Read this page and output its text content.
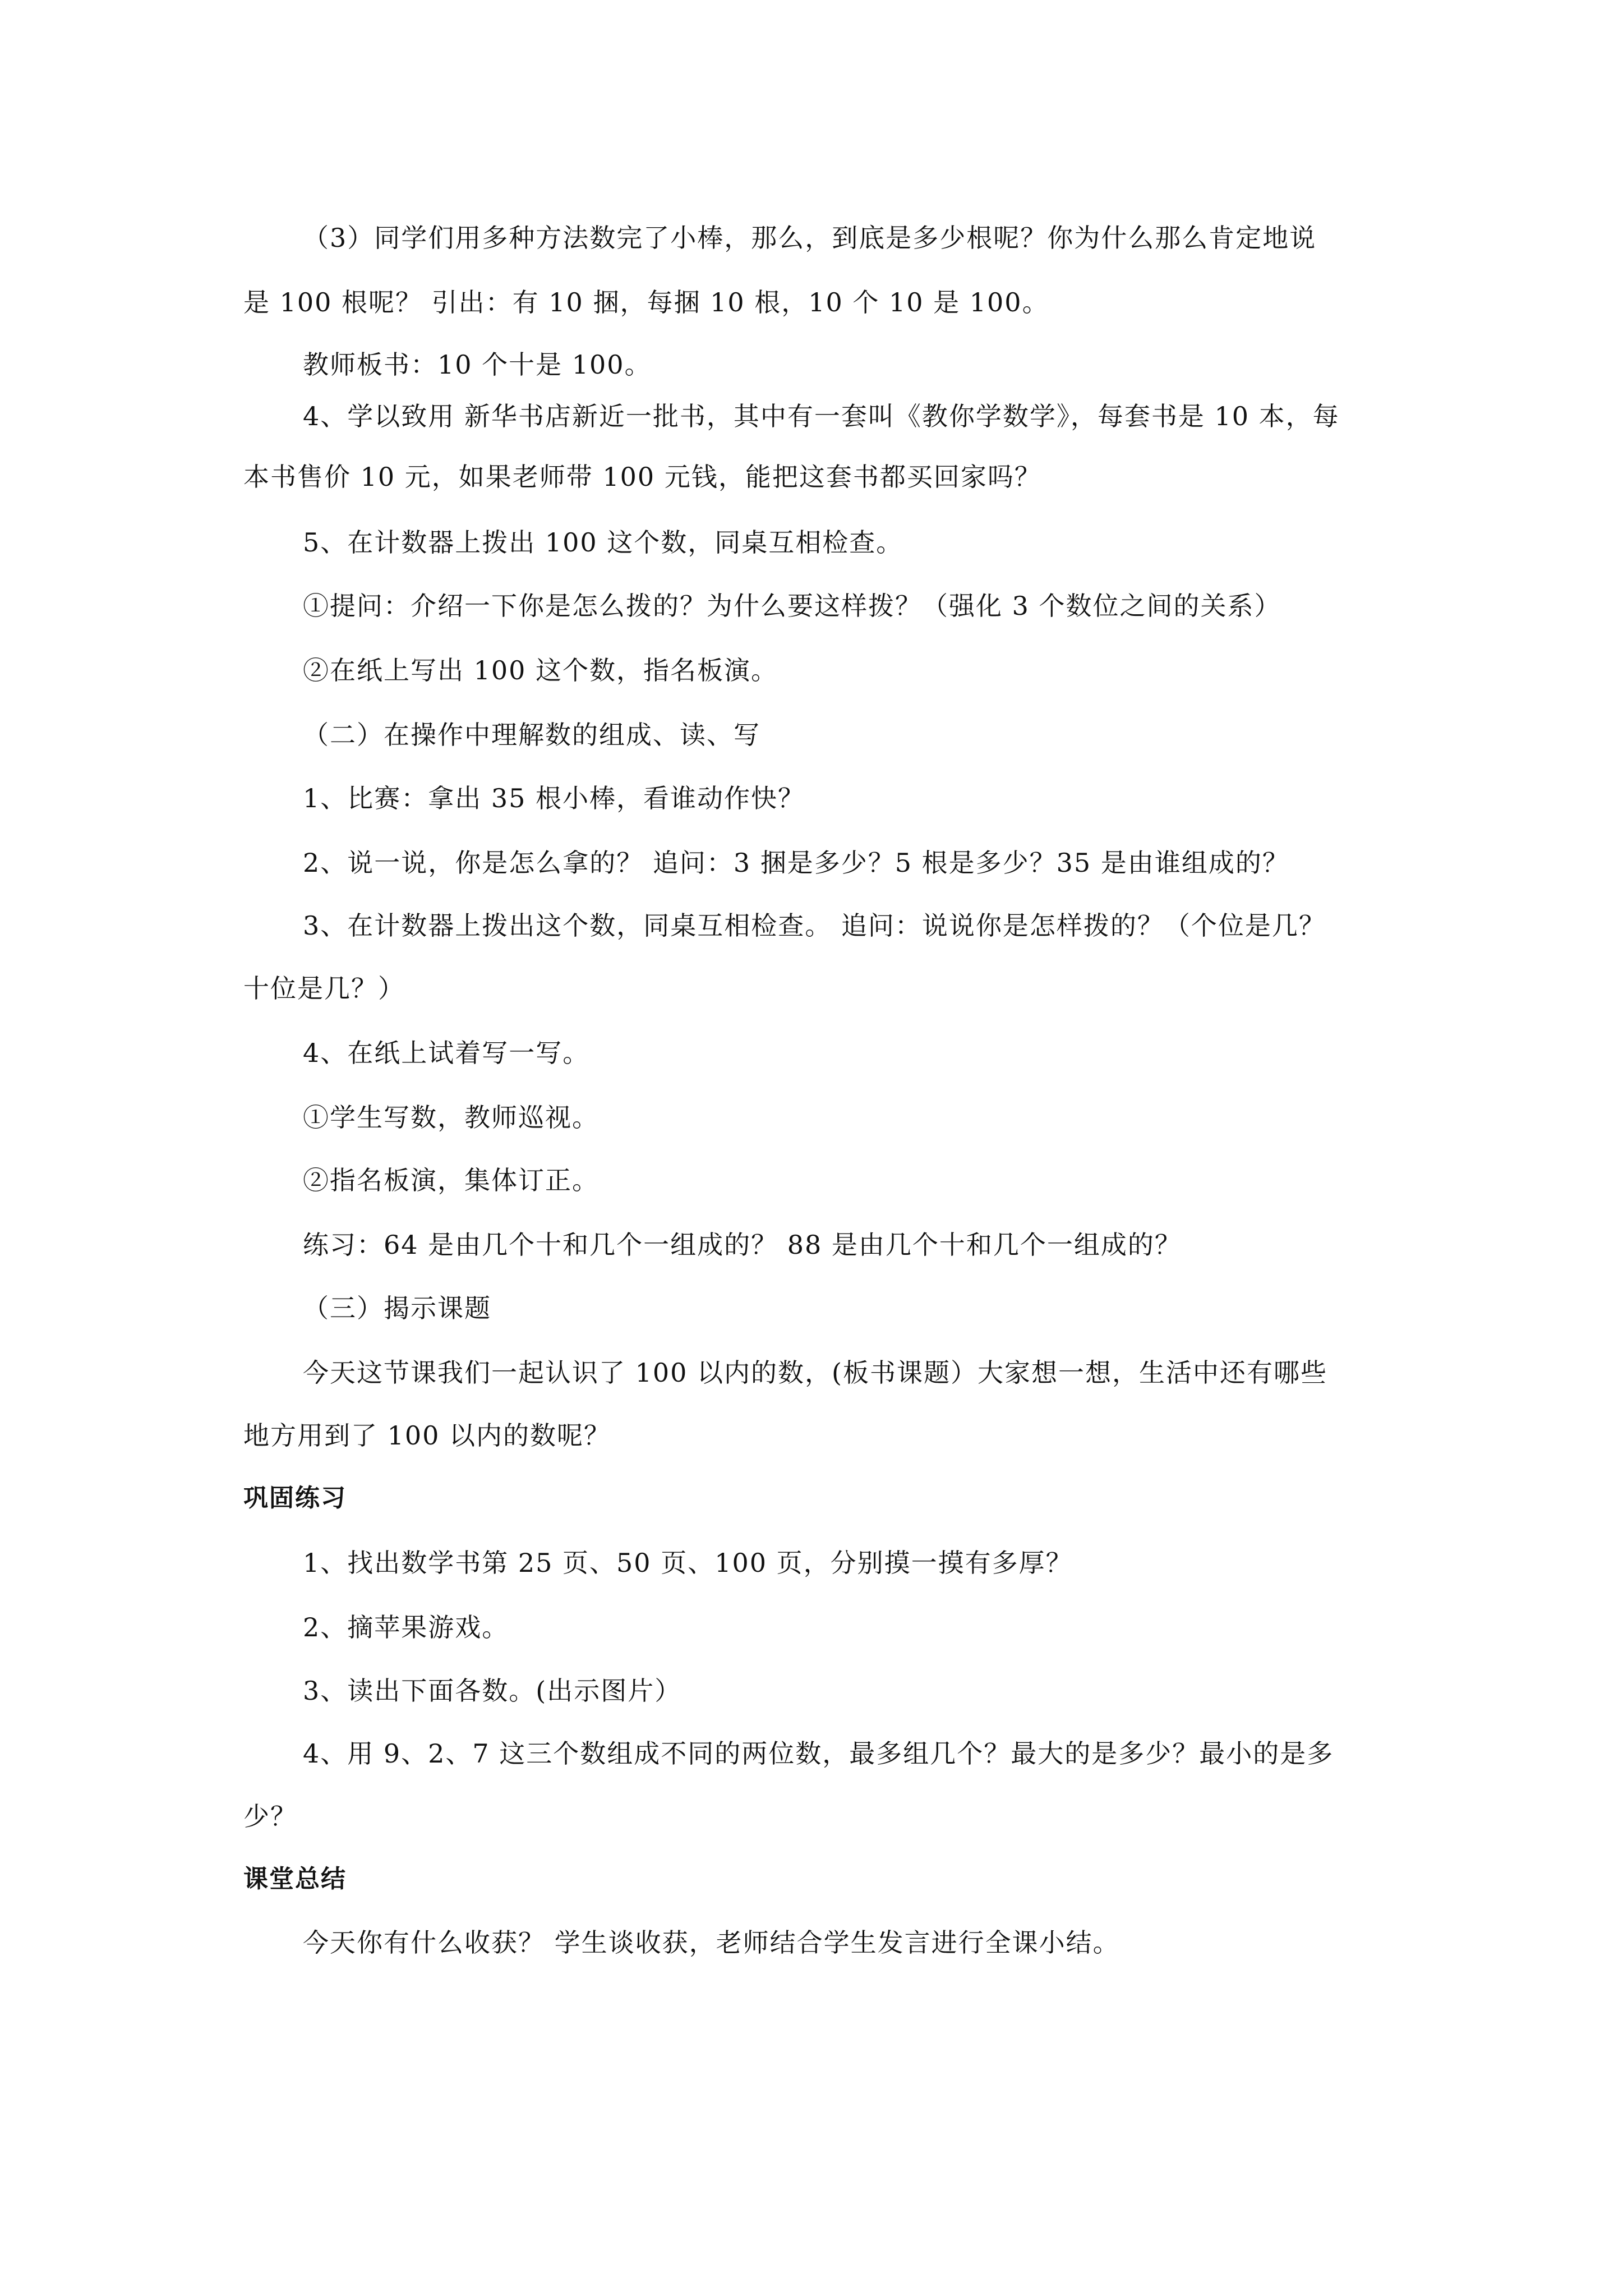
（3）同学们用多种方法数完了小棒，那么，到底是多少根呢？你为什么那么肯定地说
是 100 根呢？ 引出：有 10 捆，每捆 10 根，10 个 10 是 100。
教师板书：10 个十是 100。
4、学以致用 新华书店新近一批书，其中有一套叫《教你学数学》，每套书是 10 本，每
本书售价 10 元，如果老师带 100 元钱，能把这套书都买回家吗？
5、在计数器上拨出 100 这个数，同桌互相检查。
①提问：介绍一下你是怎么拨的？为什么要这样拨？（强化 3 个数位之间的关系）
②在纸上写出 100 这个数，指名板演。
（二）在操作中理解数的组成、读、写
1、比赛：拿出 35 根小棒，看谁动作快？
2、说一说，你是怎么拿的？ 追问：3 捆是多少？5 根是多少？35 是由谁组成的？
3、在计数器上拨出这个数，同桌互相检查。 追问：说说你是怎样拨的？（个位是几？
十位是几？）
4、在纸上试着写一写。
①学生写数，教师巡视。
②指名板演，集体订正。
练习：64 是由几个十和几个一组成的？ 88 是由几个十和几个一组成的？
（三）揭示课题
今天这节课我们一起认识了 100 以内的数，(板书课题）大家想一想，生活中还有哪些
地方用到了 100 以内的数呢？
巩固练习
1、找出数学书第 25 页、50 页、100 页，分别摸一摸有多厚？
2、摘苹果游戏。
3、读出下面各数。(出示图片）
4、用 9、2、7 这三个数组成不同的两位数，最多组几个？最大的是多少？最小的是多
少？
课堂总结
今天你有什么收获？ 学生谈收获，老师结合学生发言进行全课小结。
